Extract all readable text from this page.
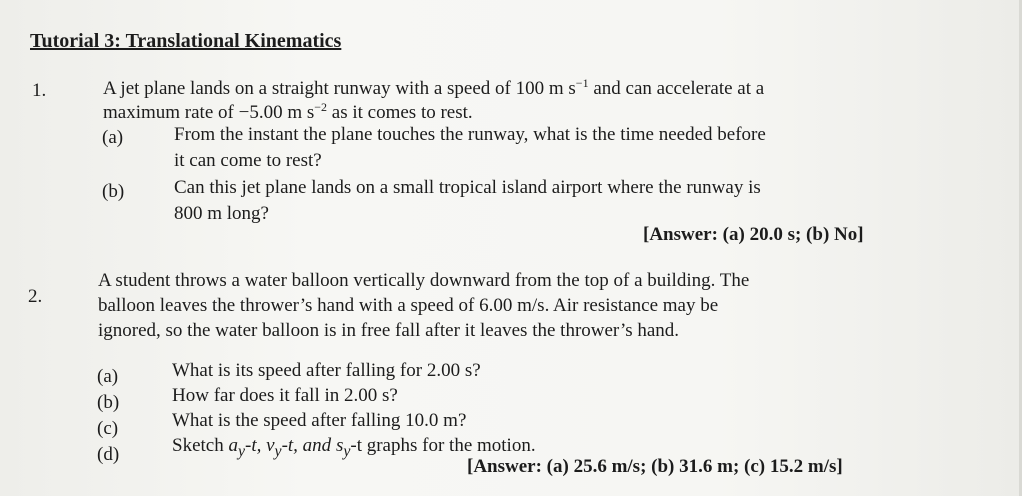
Tutorial 3: Translational Kinematics
1.	A jet plane lands on a straight runway with a speed of 100 m $s^{-1}$ and can accelerate at a
maximum rate of −5.00 m $s^{-2}$ as it comes to rest.
(a)	From the instant the plane touches the runway, what is the time needed before
it can come to rest?
(b)	Can this jet plane lands on a small tropical island airport where the runway is
800 m long?
[Answer: (a) 20.0 s; (b) No]
2.
A student throws a water balloon vertically downward from the top of a building. The
balloon leaves the thrower’s hand with a speed of 6.00 m/s. Air resistance may be
ignored, so the water balloon is in free fall after it leaves the thrower’s hand.
(a)	What is its speed after falling for 2.00 s?
(b)	How far does it fall in 2.00 s?
(c)	What is the speed after falling 10.0 m?
(d)	Sketch $a_y-t$, $v_y-t$, and $s_y-t$ graphs for the motion.
[Answer: (a) 25.6 m/s; (b) 31.6 m; (c) 15.2 m/s]
